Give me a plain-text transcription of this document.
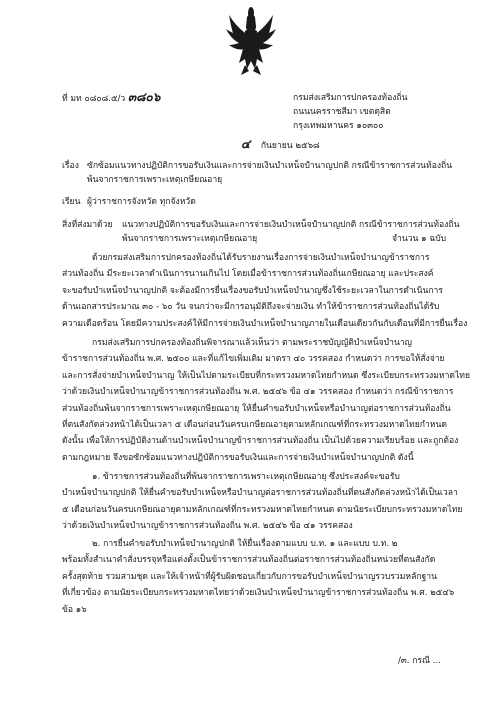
ที่ มท ๐๘๐๘.๕/ว ๓๘๐๖	กรมส่งเสริมการปกครองท้องถิ่น
ถนนนครราชสีมา เขตดุสิต
กรุงเทพมหานคร ๑๐๓๐๐
๔ กันยายน ๒๕๖๘
เรื่อง ซักซ้อมแนวทางปฏิบัติการขอรับเงินและการจ่ายเงินบำเหน็จปํานาญปกติ กรณีข้าราชการส่วนท้องถิ่น
พ้นจากราชการเพราะเหตุเกษียณอายุ
เรียน ผู้ว่าราชการจังหวัด ทุกจังหวัด
สิ่งที่ส่งมาด้วย แนวทางปฏิบัติการขอรับเงินและการจ่ายเงินบำเหน็จปํานาญปกติ กรณีข้าราชการส่วนท้องถิ่น
พ้นจากราชการเพราะเหตุเกษียณอายุ	จำนวน ๑ ฉบับ
ด้วยกรมส่งเสริมการปกครองท้องถิ่นได้รับรายงานเรื่องการจ่ายเงินบำเหน็จบำนาญข้าราชการ
ส่วนท้องถิ่น มีระยะเวลาดำเนินการนานเกินไป โดยเมื่อข้าราชการส่วนท้องถิ่นเกษียณอายุ และประสงค์
จะขอรับบำเหน็จบำนาญปกติ จะต้องมีการยื่นเรื่องขอรับบำเหน็จบำนาญซึ่งใช้ระยะเวลาในการดำเนินการ
ด้านเอกสารประมาณ ๓๐ - ๖๐ วัน จนกว่าจะมีการอนุมัติถึงจะจ่ายเงิน ทำให้ข้าราชการส่วนท้องถิ่นได้รับ
ความเดือดร้อน โดยมีความประสงค์ให้มีการจ่ายเงินบำเหน็จบำนาญภายในเดือนเดียวกันกับเดือนที่มีการยื่นเรื่อง
กรมส่งเสริมการปกครองท้องถิ่นพิจารณาแล้วเห็นว่า ตามพระราชบัญญัติบำเหน็จบำนาญ
ข้าราชการส่วนท้องถิ่น พ.ศ. ๒๕๐๐ และที่แก้ไขเพิ่มเติม มาตรา ๔๐ วรรคสอง กำหนดว่า การขอให้สั่งจ่าย
และการสั่งจ่ายบำเหน็จบำนาญ ให้เป็นไปตามระเบียบที่กระทรวงมหาดไทยกำหนด ซึ่งระเบียบกระทรวงมหาดไทย
ว่าด้วยเงินบำเหน็จบำนาญข้าราชการส่วนท้องถิ่น พ.ศ. ๒๕๔๖ ข้อ ๔๑ วรรคสอง กำหนดว่า กรณีข้าราชการ
ส่วนท้องถิ่นพ้นจากราชการเพราะเหตุเกษียณอายุ ให้ยื่นคำขอรับบำเหน็จหรือบำนาญต่อราชการส่วนท้องถิ่น
ที่ตนสังกัดล่วงหน้าได้เป็นเวลา ๕ เดือนก่อนวันครบเกษียณอายุตามหลักเกณฑ์ที่กระทรวงมหาดไทยกำหนด
ดังนั้น เพื่อให้การปฏิบัติงานด้านบำเหน็จบำนาญข้าราชการส่วนท้องถิ่น เป็นไปด้วยความเรียบร้อย และถูกต้อง
ตามกฎหมาย จึงขอซักซ้อมแนวทางปฏิบัติการขอรับเงินและการจ่ายเงินบำเหน็จบำนาญปกติ ดังนี้
๑. ข้าราชการส่วนท้องถิ่นที่พ้นจากราชการเพราะเหตุเกษียณอายุ ซึ่งประสงค์จะขอรับ
บำเหน็จบำนาญปกติ ให้ยื่นคำขอรับบำเหน็จหรือบำนาญต่อราชการส่วนท้องถิ่นที่ตนสังกัดล่วงหน้าได้เป็นเวลา
๕ เดือนก่อนวันครบเกษียณอายุตามหลักเกณฑ์ที่กระทรวงมหาดไทยกำหนด ตามนัยระเบียบกระทรวงมหาดไทย
ว่าด้วยเงินบำเหน็จบำนาญข้าราชการส่วนท้องถิ่น พ.ศ. ๒๕๔๖ ข้อ ๔๑ วรรคสอง
๒. การยื่นคำขอรับบำเหน็จบำนาญปกติ ให้ยื่นเรื่องตามแบบ บ.ท. ๑ และแบบ บ.ท. ๒
พร้อมทั้งสำเนาคำสั่งบรรจุหรือแต่งตั้งเป็นข้าราชการส่วนท้องถิ่นต่อราชการส่วนท้องถิ่นหน่วยที่ตนสังกัด
ครั้งสุดท้าย รวมสามชุด และให้เจ้าหน้าที่ผู้รับผิดชอบเกี่ยวกับการขอรับบำเหน็จบำนาญรวบรวมหลักฐาน
ที่เกี่ยวข้อง ตามนัยระเบียบกระทรวงมหาดไทยว่าด้วยเงินบำเหน็จบำนาญข้าราชการส่วนท้องถิ่น พ.ศ. ๒๕๔๖
ข้อ ๑๖
/๓. กรณี ...
